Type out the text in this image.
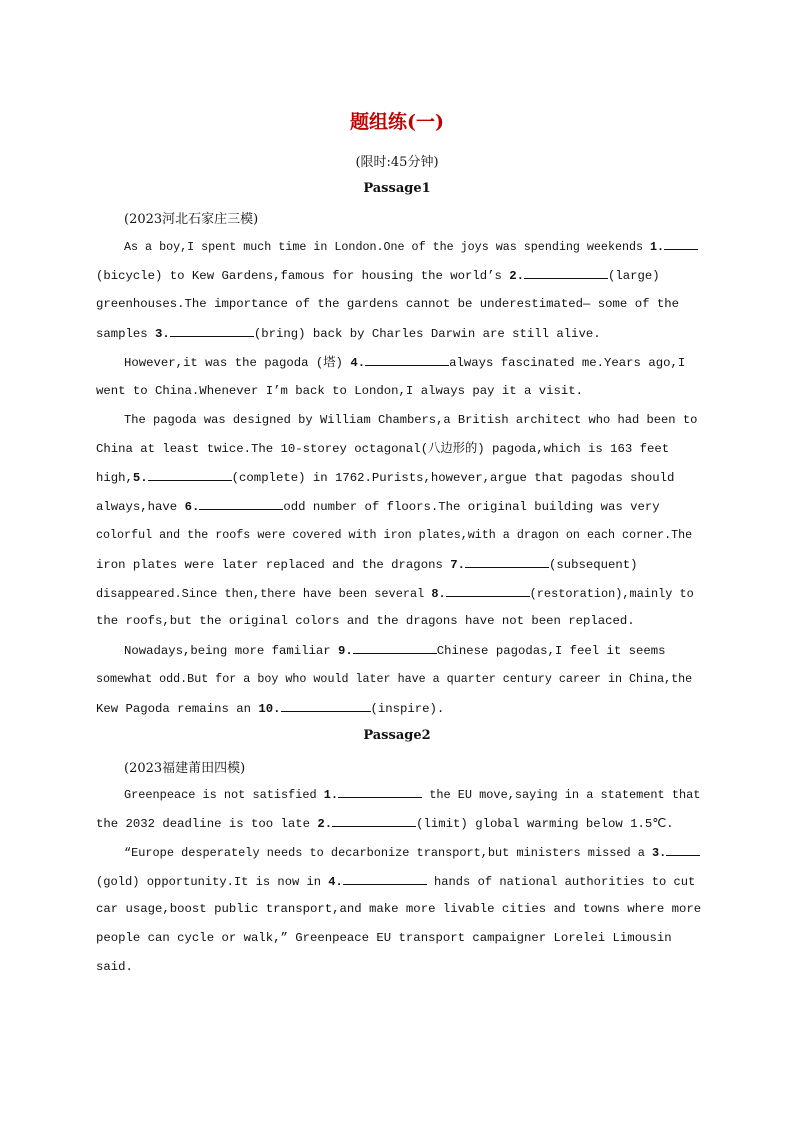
题组练(一)
(限时:45分钟)
Passage1
(2023河北石家庄三模)
As a boy,I spent much time in London.One of the joys was spending weekends 1.
(bicycle) to Kew Gardens,famous for housing the world’s 2.	(large)
greenhouses.The importance of the gardens cannot be underestimated— some of the
samples 3.	(bring) back by Charles Darwin are still alive.
However,it was the pagoda (塔) 4.	always fascinated me.Years ago,I
went to China.Whenever I’m back to London,I always pay it a visit.
The pagoda was designed by William Chambers,a British architect who had been to
China at least twice.The 10-storey octagonal(八边形的) pagoda,which is 163 feet
high,5.	(complete) in 1762.Purists,however,argue that pagodas should
always,have 6.	odd number of floors.The original building was very
colorful and the roofs were covered with iron plates,with a dragon on each corner.The
iron plates were later replaced and the dragons 7.	(subsequent)
disappeared.Since then,there have been several 8.	(restoration),mainly to
the roofs,but the original colors and the dragons have not been replaced.
Nowadays,being more familiar 9.	Chinese pagodas,I feel it seems
somewhat odd.But for a boy who would later have a quarter century career in China,the
Kew Pagoda remains an 10.	(inspire).
Passage2
(2023福建莆田四模)
Greenpeace is not satisfied 1.	the EU move,saying in a statement that
the 2032 deadline is too late 2.	(limit) global warming below 1.5℃.
“Europe desperately needs to decarbonize transport,but ministers missed a 3.
(gold) opportunity.It is now in 4.	hands of national authorities to cut
car usage,boost public transport,and make more livable cities and towns where more
people can cycle or walk,” Greenpeace EU transport campaigner Lorelei Limousin
said.
